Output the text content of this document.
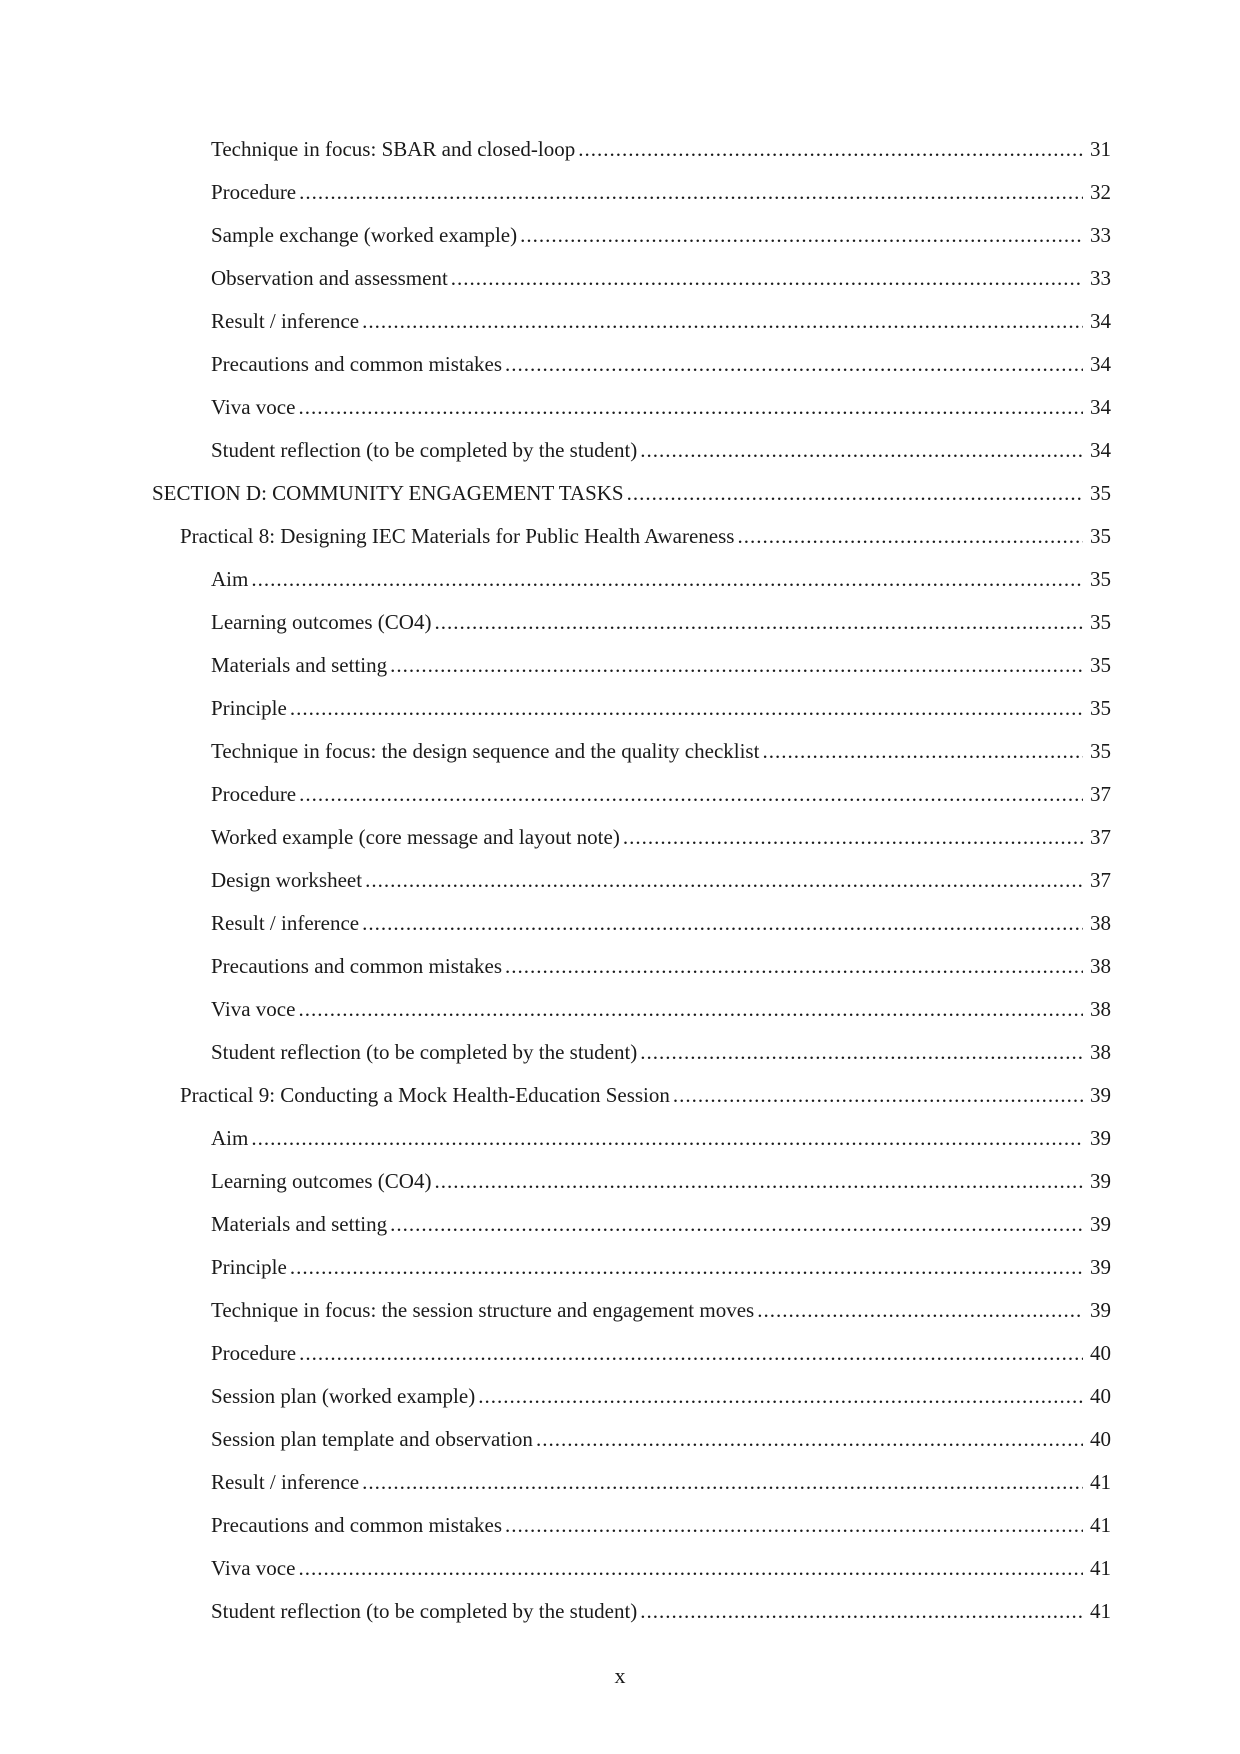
Technique in focus: SBAR and closed-loop .....	31
Procedure .....	32
Sample exchange (worked example) .....	33
Observation and assessment .....	33
Result / inference .....	34
Precautions and common mistakes .....	34
Viva voce .....	34
Student reflection (to be completed by the student) .....	34
SECTION D: COMMUNITY ENGAGEMENT TASKS .....	35
Practical 8: Designing IEC Materials for Public Health Awareness .....	35
Aim .....	35
Learning outcomes (CO4) .....	35
Materials and setting .....	35
Principle .....	35
Technique in focus: the design sequence and the quality checklist .....	35
Procedure .....	37
Worked example (core message and layout note) .....	37
Design worksheet .....	37
Result / inference .....	38
Precautions and common mistakes .....	38
Viva voce .....	38
Student reflection (to be completed by the student) .....	38
Practical 9: Conducting a Mock Health-Education Session .....	39
Aim .....	39
Learning outcomes (CO4) .....	39
Materials and setting .....	39
Principle .....	39
Technique in focus: the session structure and engagement moves .....	39
Procedure .....	40
Session plan (worked example) .....	40
Session plan template and observation .....	40
Result / inference .....	41
Precautions and common mistakes .....	41
Viva voce .....	41
Student reflection (to be completed by the student) .....	41
x
